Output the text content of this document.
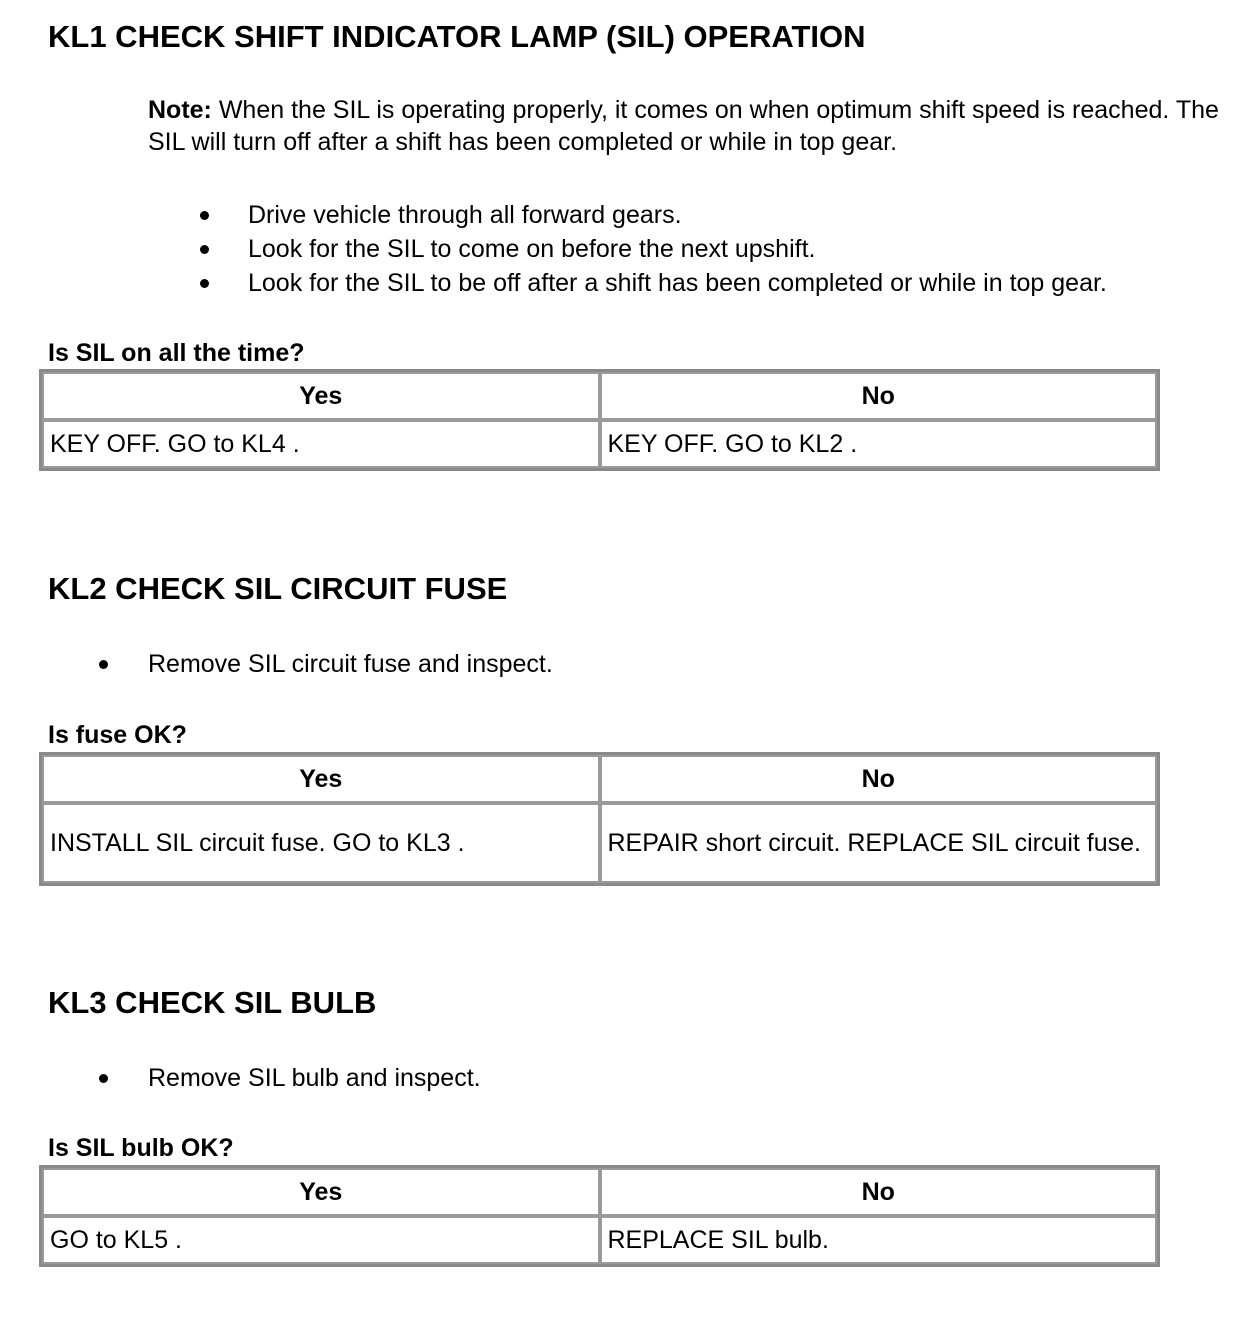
KL1 CHECK SHIFT INDICATOR LAMP (SIL) OPERATION
Note: When the SIL is operating properly, it comes on when optimum shift speed is reached. The SIL will turn off after a shift has been completed or while in top gear.
Drive vehicle through all forward gears.
Look for the SIL to come on before the next upshift.
Look for the SIL to be off after a shift has been completed or while in top gear.
Is SIL on all the time?
Yes	No
KEY OFF. GO to KL4 .	KEY OFF. GO to KL2 .
KL2 CHECK SIL CIRCUIT FUSE
Remove SIL circuit fuse and inspect.
Is fuse OK?
Yes	No
INSTALL SIL circuit fuse. GO to KL3 .	REPAIR short circuit. REPLACE SIL circuit fuse.
KL3 CHECK SIL BULB
Remove SIL bulb and inspect.
Is SIL bulb OK?
Yes	No
GO to KL5 .	REPLACE SIL bulb.
